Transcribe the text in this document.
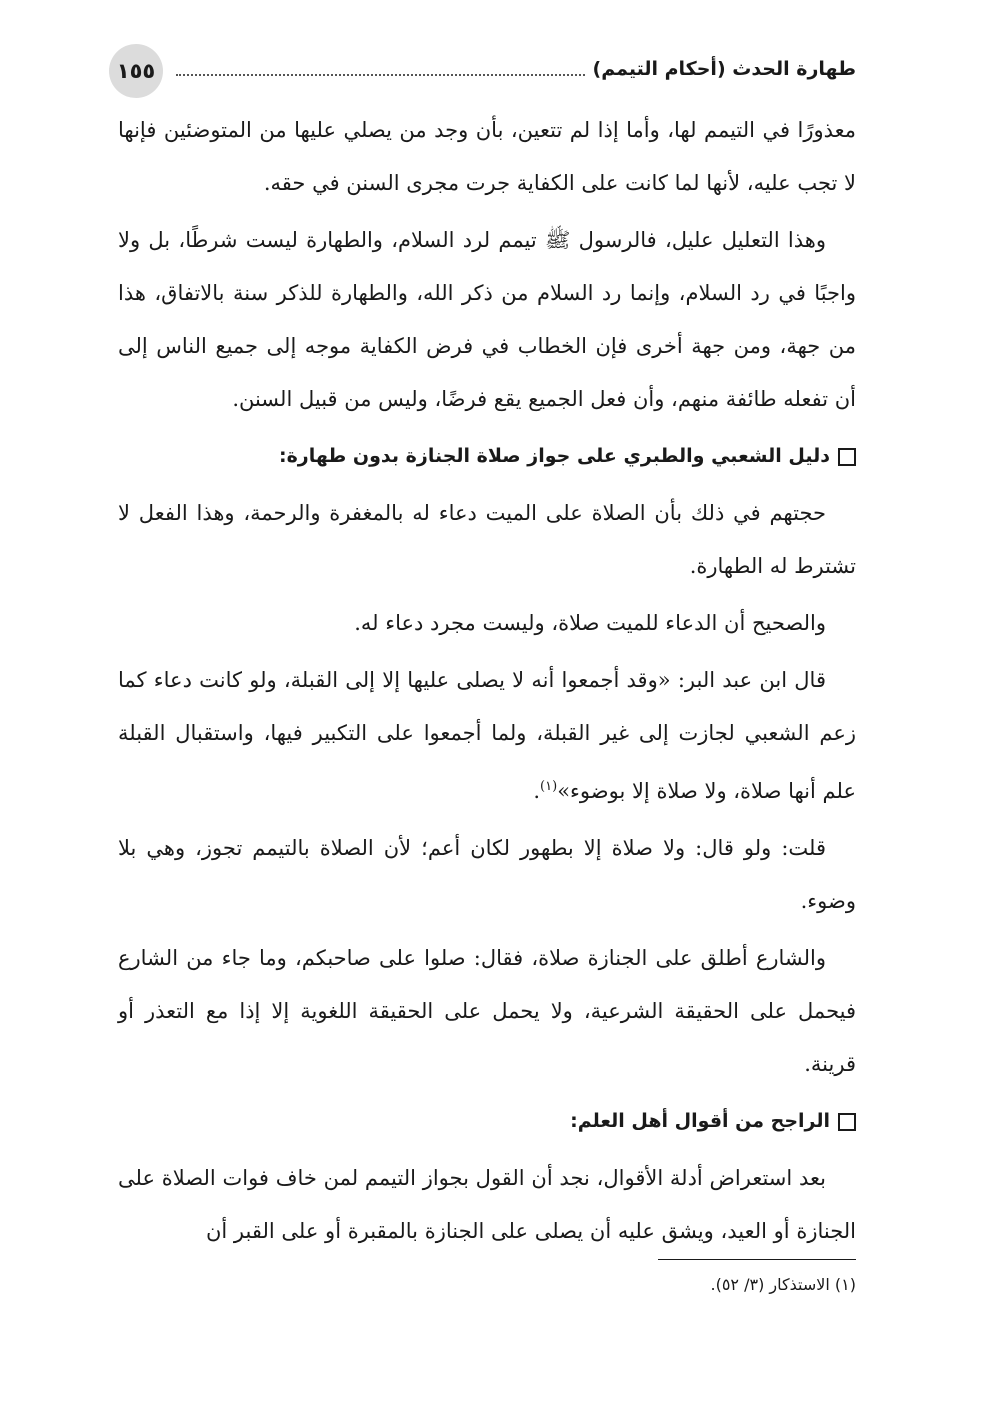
١٥٥	طهارة الحدث (أحكام التيمم)

معذورًا في التيمم لها، وأما إذا لم تتعين، بأن وجد من يصلي عليها من المتوضئين فإنها لا تجب عليه، لأنها لما كانت على الكفاية جرت مجرى السنن في حقه.

وهذا التعليل عليل، فالرسول ﷺ تيمم لرد السلام، والطهارة ليست شرطًا، بل ولا واجبًا في رد السلام، وإنما رد السلام من ذكر الله، والطهارة للذكر سنة بالاتفاق، هذا من جهة، ومن جهة أخرى فإن الخطاب في فرض الكفاية موجه إلى جميع الناس إلى أن تفعله طائفة منهم، وأن فعل الجميع يقع فرضًا، وليس من قبيل السنن.

دليل الشعبي والطبري على جواز صلاة الجنازة بدون طهارة:

حجتهم في ذلك بأن الصلاة على الميت دعاء له بالمغفرة والرحمة، وهذا الفعل لا تشترط له الطهارة.

والصحيح أن الدعاء للميت صلاة، وليست مجرد دعاء له.

قال ابن عبد البر: «وقد أجمعوا أنه لا يصلى عليها إلا إلى القبلة، ولو كانت دعاء كما زعم الشعبي لجازت إلى غير القبلة، ولما أجمعوا على التكبير فيها، واستقبال القبلة علم أنها صلاة، ولا صلاة إلا بوضوء»$^{(١)}$.

قلت: ولو قال: ولا صلاة إلا بطهور لكان أعم؛ لأن الصلاة بالتيمم تجوز، وهي بلا وضوء.

والشارع أطلق على الجنازة صلاة، فقال: صلوا على صاحبكم، وما جاء من الشارع فيحمل على الحقيقة الشرعية، ولا يحمل على الحقيقة اللغوية إلا إذا مع التعذر أو قرينة.

الراجح من أقوال أهل العلم:

بعد استعراض أدلة الأقوال، نجد أن القول بجواز التيمم لمن خاف فوات الصلاة على الجنازة أو العيد، ويشق عليه أن يصلى على الجنازة بالمقبرة أو على القبر أن

(١) الاستذكار (٣/ ٥٢).
